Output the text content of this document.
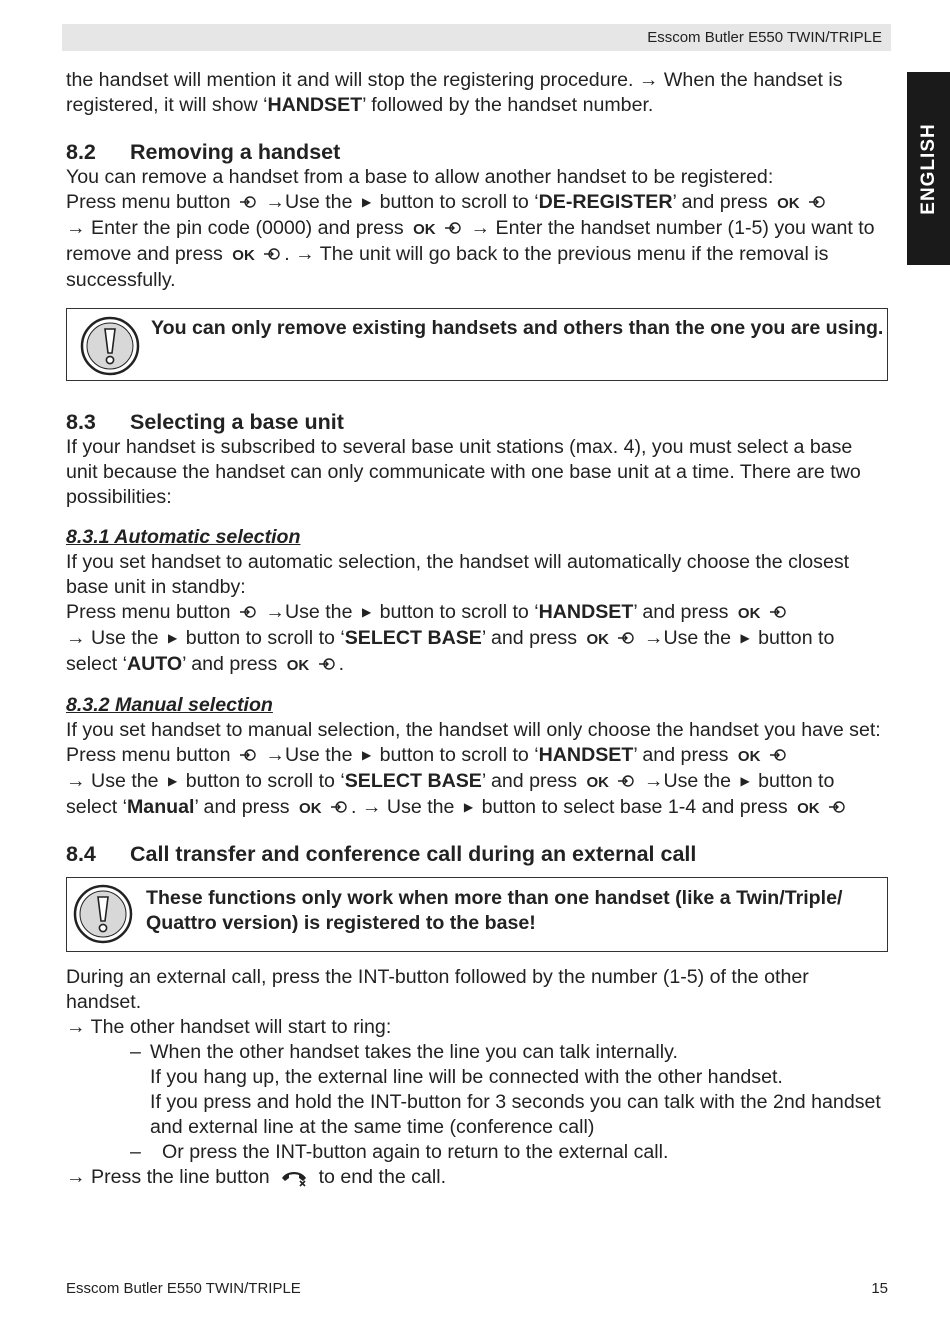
Esscom Butler E550 TWIN/TRIPLE
ENGLISH

the handset will mention it and will stop the registering procedure. → When the handset is registered, it will show ‘HANDSET’ followed by the handset number.

8.2	Removing a handset

You can remove a handset from a base to allow another handset to be registered:
Press menu button  →Use the ▶ button to scroll to ‘DE-REGISTER’ and press OK
→ Enter the pin code (0000) and press OK → Enter the handset number (1-5) you want to remove and press OK . → The unit will go back to the previous menu if the removal is successfully.

You can only remove existing handsets and others than the one you are using.
8.3	Selecting a base unit

If your handset is subscribed to several base unit stations (max. 4), you must select a base unit because the handset can only communicate with one base unit at a time. There are two possibilities:

8.3.1 Automatic selection

If you set handset to automatic selection, the handset will automatically choose the closest base unit in standby:
Press menu button  →Use the ▶ button to scroll to ‘HANDSET’ and press OK
→ Use the ▶ button to scroll to ‘SELECT BASE’ and press OK →Use the ▶ button to select ‘AUTO’ and press OK .

8.3.2 Manual selection

If you set handset to manual selection, the handset will only choose the handset you have set:
Press menu button  →Use the ▶ button to scroll to ‘HANDSET’ and press OK
→ Use the ▶ button to scroll to ‘SELECT BASE’ and press OK →Use the ▶ button to select ‘Manual’ and press OK . → Use the ▶ button to select base 1-4 and press OK

8.4	Call transfer and conference call during an external call
These functions only work when more than one handset (like a Twin/Triple/ Quattro version) is registered to the base!

During an external call, press the INT-button followed by the number (1-5) of the other handset.
→ The other handset will start to ring:

– When the other handset takes the line you can talk internally.
If you hang up, the external line will be connected with the other handset.
If you press and hold the INT-button for 3 seconds you can talk with the 2nd handset and external line at the same time (conference call)
–	Or press the INT-button again to return to the external call.

→ Press the line button  to end the call.

Esscom Butler E550 TWIN/TRIPLE	15
